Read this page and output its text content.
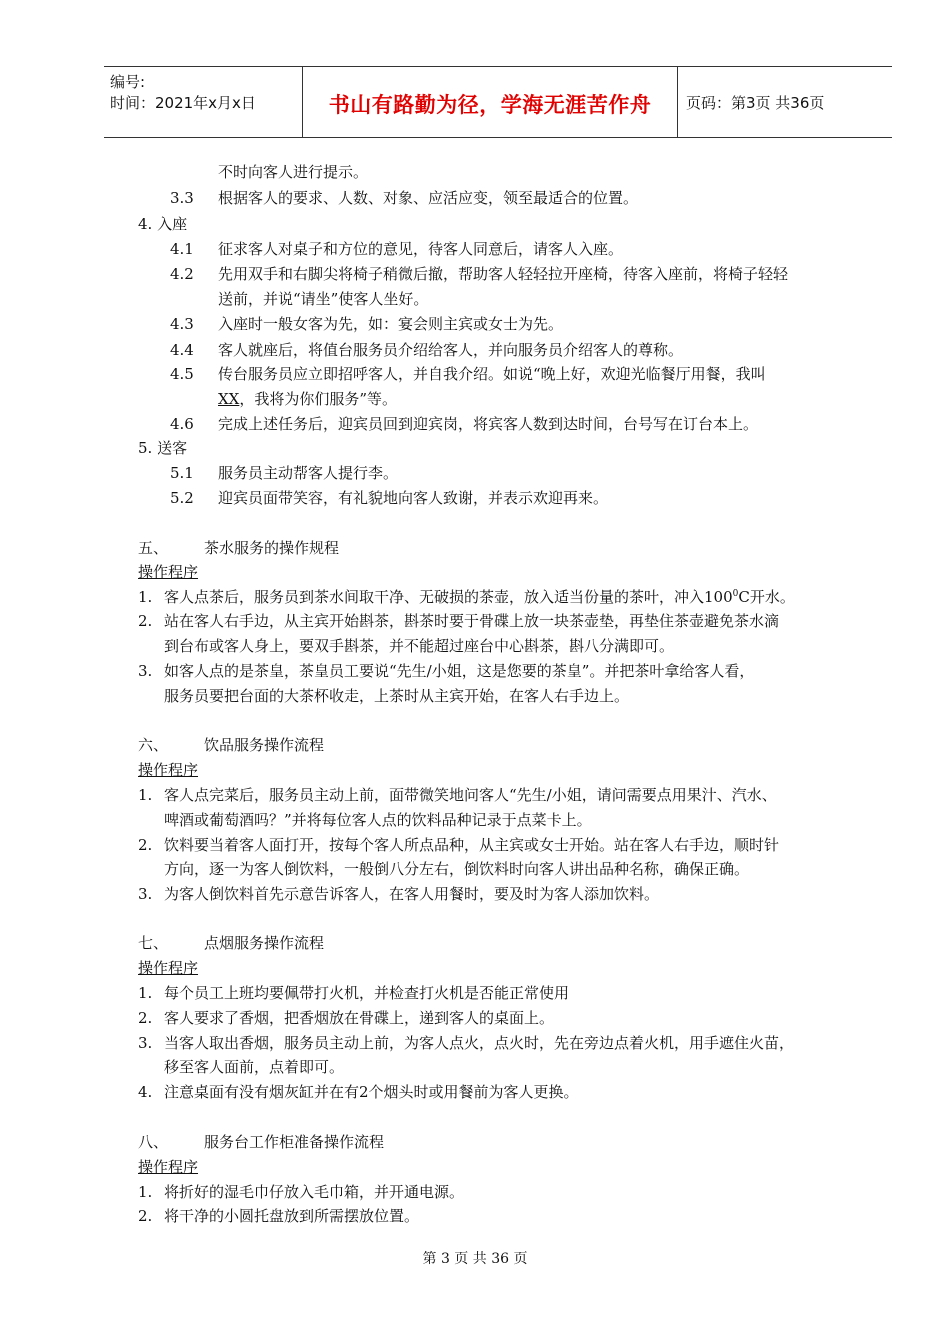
编号:
时间：2021年x月x日	书山有路勤为径，学海无涯苦作舟	页码：第3页 共36页
不时向客人进行提示。
3.3 根据客人的要求、人数、对象、应活应变，领至最适合的位置。
4. 入座
4.1 征求客人对桌子和方位的意见，待客人同意后，请客人入座。
4.2 先用双手和右脚尖将椅子稍微后撤，帮助客人轻轻拉开座椅，待客入座前，将椅子轻轻
送前，并说“请坐”使客人坐好。
4.3 入座时一般女客为先，如：宴会则主宾或女士为先。
4.4 客人就座后，将值台服务员介绍给客人，并向服务员介绍客人的尊称。
4.5 传台服务员应立即招呼客人，并自我介绍。如说“晚上好，欢迎光临餐厅用餐，我叫
XX，我将为你们服务”等。
4.6 完成上述任务后，迎宾员回到迎宾岗，将宾客人数到达时间，台号写在订台本上。
5. 送客
5.1 服务员主动帮客人提行李。
5.2 迎宾员面带笑容，有礼貌地向客人致谢，并表示欢迎再来。
五、 茶水服务的操作规程
操作程序
1. 客人点茶后，服务员到茶水间取干净、无破损的茶壶，放入适当份量的茶叶，冲入$100^0C$开水。
2. 站在客人右手边，从主宾开始斟茶，斟茶时要于骨碟上放一块茶壶垫，再垫住茶壶避免茶水滴
到台布或客人身上，要双手斟茶，并不能超过座台中心斟茶，斟八分满即可。
3. 如客人点的是茶皇，茶皇员工要说“先生/小姐，这是您要的茶皇”。并把茶叶拿给客人看，
服务员要把台面的大茶杯收走，上茶时从主宾开始，在客人右手边上。
六、 饮品服务操作流程
操作程序
1. 客人点完菜后，服务员主动上前，面带微笑地问客人“先生/小姐，请问需要点用果汁、汽水、
啤酒或葡萄酒吗？”并将每位客人点的饮料品种记录于点菜卡上。
2. 饮料要当着客人面打开，按每个客人所点品种，从主宾或女士开始。站在客人右手边，顺时针
方向，逐一为客人倒饮料，一般倒八分左右，倒饮料时向客人讲出品种名称，确保正确。
3. 为客人倒饮料首先示意告诉客人，在客人用餐时，要及时为客人添加饮料。
七、 点烟服务操作流程
操作程序
1. 每个员工上班均要佩带打火机，并检查打火机是否能正常使用
2. 客人要求了香烟，把香烟放在骨碟上，递到客人的桌面上。
3. 当客人取出香烟，服务员主动上前，为客人点火，点火时，先在旁边点着火机，用手遮住火苗，
移至客人面前，点着即可。
4. 注意桌面有没有烟灰缸并在有2个烟头时或用餐前为客人更换。
八、 服务台工作柜准备操作流程
操作程序
1. 将折好的湿毛巾仔放入毛巾箱，并开通电源。
2. 将干净的小圆托盘放到所需摆放位置。
第 3 页 共 36 页
